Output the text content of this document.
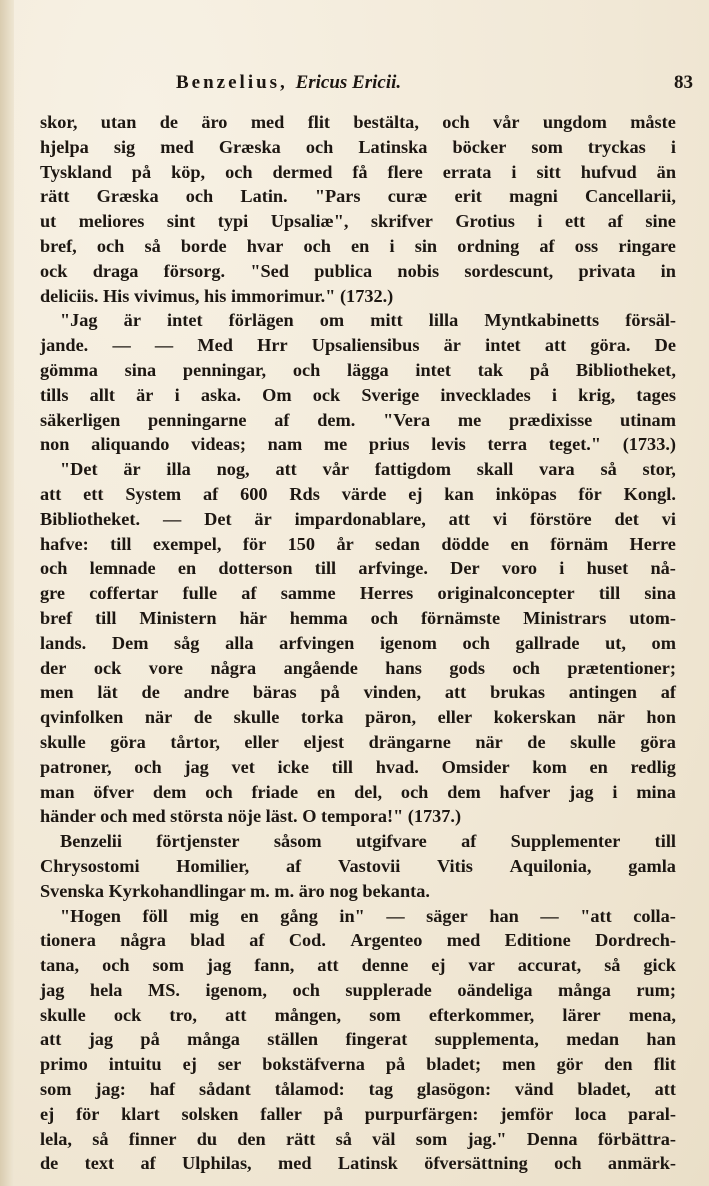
Benzelius, Ericus Ericii.	83
skor, utan de äro med flit bestälta, och vår ungdom måste
hjelpa sig med Græska och Latinska böcker som tryckas i
Tyskland på köp, och dermed få flere errata i sitt hufvud än
rätt Græska och Latin. "Pars curæ erit magni Cancellarii,
ut meliores sint typi Upsaliæ", skrifver Grotius i ett af sine
bref, och så borde hvar och en i sin ordning af oss ringare
ock draga försorg. "Sed publica nobis sordescunt, privata in
deliciis. His vivimus, his immorimur." (1732.)
"Jag är intet förlägen om mitt lilla Myntkabinetts försäl-
jande. — — Med Hrr Upsaliensibus är intet att göra. De
gömma sina penningar, och lägga intet tak på Bibliotheket,
tills allt är i aska. Om ock Sverige invecklades i krig, tages
säkerligen penningarne af dem. "Vera me prædixisse utinam
non aliquando videas; nam me prius levis terra teget." (1733.)
"Det är illa nog, att vår fattigdom skall vara så stor,
att ett System af 600 Rds värde ej kan inköpas för Kongl.
Bibliotheket. — Det är impardonablare, att vi förstöre det vi
hafve: till exempel, för 150 år sedan dödde en förnäm Herre
och lemnade en dotterson till arfvinge. Der voro i huset nå-
gre coffertar fulle af samme Herres originalconcepter till sina
bref till Ministern här hemma och förnämste Ministrars utom-
lands. Dem såg alla arfvingen igenom och gallrade ut, om
der ock vore några angående hans gods och prætentioner;
men lät de andre bäras på vinden, att brukas antingen af
qvinfolken när de skulle torka päron, eller kokerskan när hon
skulle göra tårtor, eller eljest drängarne när de skulle göra
patroner, och jag vet icke till hvad. Omsider kom en redlig
man öfver dem och friade en del, och dem hafver jag i mina
händer och med största nöje läst. O tempora!" (1737.)
Benzelii förtjenster såsom utgifvare af Supplementer till
Chrysostomi Homilier, af Vastovii Vitis Aquilonia, gamla
Svenska Kyrkohandlingar m. m. äro nog bekanta.
"Hogen föll mig en gång in" — säger han — "att colla-
tionera några blad af Cod. Argenteo med Editione Dordrech-
tana, och som jag fann, att denne ej var accurat, så gick
jag hela MS. igenom, och supplerade oändeliga många rum;
skulle ock tro, att mången, som efterkommer, lärer mena,
att jag på många ställen fingerat supplementa, medan han
primo intuitu ej ser bokstäfverna på bladet; men gör den flit
som jag: haf sådant tålamod: tag glasögon: vänd bladet, att
ej för klart solsken faller på purpurfärgen: jemför loca paral-
lela, så finner du den rätt så väl som jag." Denna förbättra-
de text af Ulphilas, med Latinsk öfversättning och anmärk-
